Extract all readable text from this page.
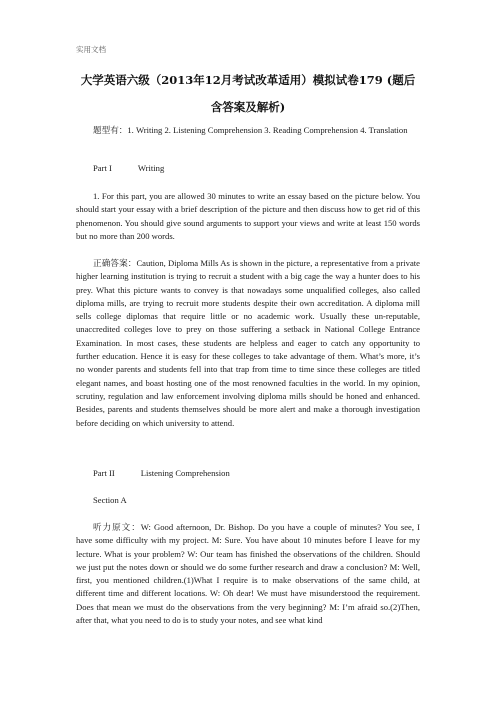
实用文档
大学英语六级（2013年12月考试改革适用）模拟试卷179 (题后含答案及解析)
题型有：1. Writing 2. Listening Comprehension 3. Reading Comprehension 4. Translation
Part I	Writing
1. For this part, you are allowed 30 minutes to write an essay based on the picture below. You should start your essay with a brief description of the picture and then discuss how to get rid of this phenomenon. You should give sound arguments to support your views and write at least 150 words but no more than 200 words.
正确答案：Caution, Diploma Mills As is shown in the picture, a representative from a private higher learning institution is trying to recruit a student with a big cage the way a hunter does to his prey. What this picture wants to convey is that nowadays some unqualified colleges, also called diploma mills, are trying to recruit more students despite their own accreditation. A diploma mill sells college diplomas that require little or no academic work. Usually these un-reputable, unaccredited colleges love to prey on those suffering a setback in National College Entrance Examination. In most cases, these students are helpless and eager to catch any opportunity to further education. Hence it is easy for these colleges to take advantage of them. What’s more, it’s no wonder parents and students fell into that trap from time to time since these colleges are titled elegant names, and boast hosting one of the most renowned faculties in the world. In my opinion, scrutiny, regulation and law enforcement involving diploma mills should be honed and enhanced. Besides, parents and students themselves should be more alert and make a thorough investigation before deciding on which university to attend.
Part II	Listening Comprehension
Section A
听力原文：W: Good afternoon, Dr. Bishop. Do you have a couple of minutes? You see, I have some difficulty with my project. M: Sure. You have about 10 minutes before I leave for my lecture. What is your problem? W: Our team has finished the observations of the children. Should we just put the notes down or should we do some further research and draw a conclusion? M: Well, first, you mentioned children.(1)What I require is to make observations of the same child, at different time and different locations. W: Oh dear! We must have misunderstood the requirement. Does that mean we must do the observations from the very beginning? M: I’m afraid so.(2)Then, after that, what you need to do is to study your notes, and see what kind
